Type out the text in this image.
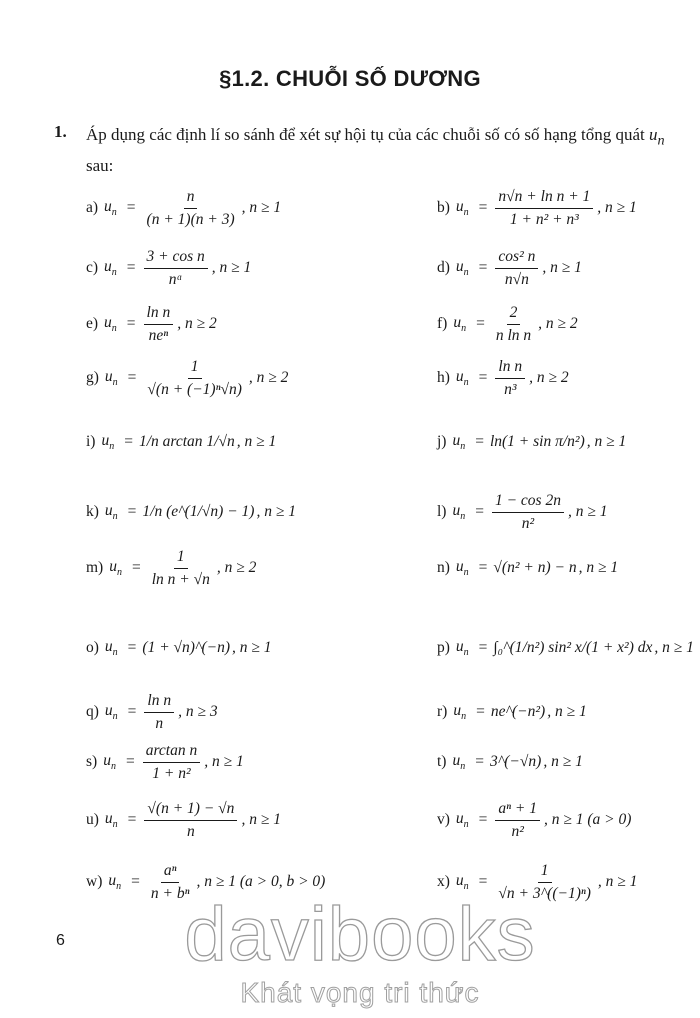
§1.2. CHUỖI SỐ DƯƠNG
1. Áp dụng các định lí so sánh để xét sự hội tụ của các chuỗi số có số hạng tổng quát $u_n$ sau:
a) $u_n = \frac{n}{(n + 1)(n + 3)}$ , n ≥ 1	b) $u_n = \frac{\text{n√n + ln n + 1}}{\text{1 + n² + n³}}$ , n ≥ 1
c) $u_n = \frac{\text{3 + cos n}}{\text{nᵅ}}$ , n ≥ 1	d) $u_n = \frac{\text{cos² n}}{n√n}$ , n ≥ 1
e) $u_n = \frac{\text{ln n}}{\text{neⁿ}}$ , n ≥ 2	f) $u_n = \frac{2}{\text{n ln n}}$ , n ≥ 2
g) $u_n = \frac{1}{\text{√(n + (−1)ⁿ√n)}}$ , n ≥ 2	h) $u_n = \frac{\text{ln n}}{\text{n³}}$ , n ≥ 2
i) $u_n = 1/n$ arctan 1/√n , n ≥ 1	j) $u_n = \ln(1 + \sin \pi/n^2)$ , n ≥ 1
k) $u_n = 1/n$ (e^(1/√n) − 1) , n ≥ 1	l) $u_n = \frac{1 - \cos 2n}{\text{n²}}$ , n ≥ 1
m) $u_n = \frac{1}{\text{ln n + √n}}$ , n ≥ 2	n) $u_n = √(n^2 + n) - n$ , n ≥ 1
o) $u_n = (1$ + √n)^(−n) , n ≥ 1	p) $u_n$ = ∫₀^(1/n²) sin² x/(1 + x²) dx , n ≥ 1
q) $u_n = \frac{\text{ln n}}{n}$ , n ≥ 3	r) $u_n$ = ne^(−n²) , n ≥ 1
s) $u_n = \frac{\text{arctan n}}{\text{1 + n²}}$ , n ≥ 1	t) $u_n$ = 3^(−√n) , n ≥ 1
u) $u_n = \frac{√(n + 1) - √n}{n}$ , n ≥ 1	v) $u_n = \frac{\text{aⁿ + 1}}{\text{n²}}$ , n ≥ 1 (a > 0)
w) $u_n = \frac{\text{aⁿ}}{\text{n + bⁿ}}$ , n ≥ 1 (a > 0, b > 0)	x) $u_n = \frac{1}{\text{√n + 3\textasciicircum{}((−1)ⁿ)}}$ , n ≥ 1
6	davibooks
Khát vọng tri thức
